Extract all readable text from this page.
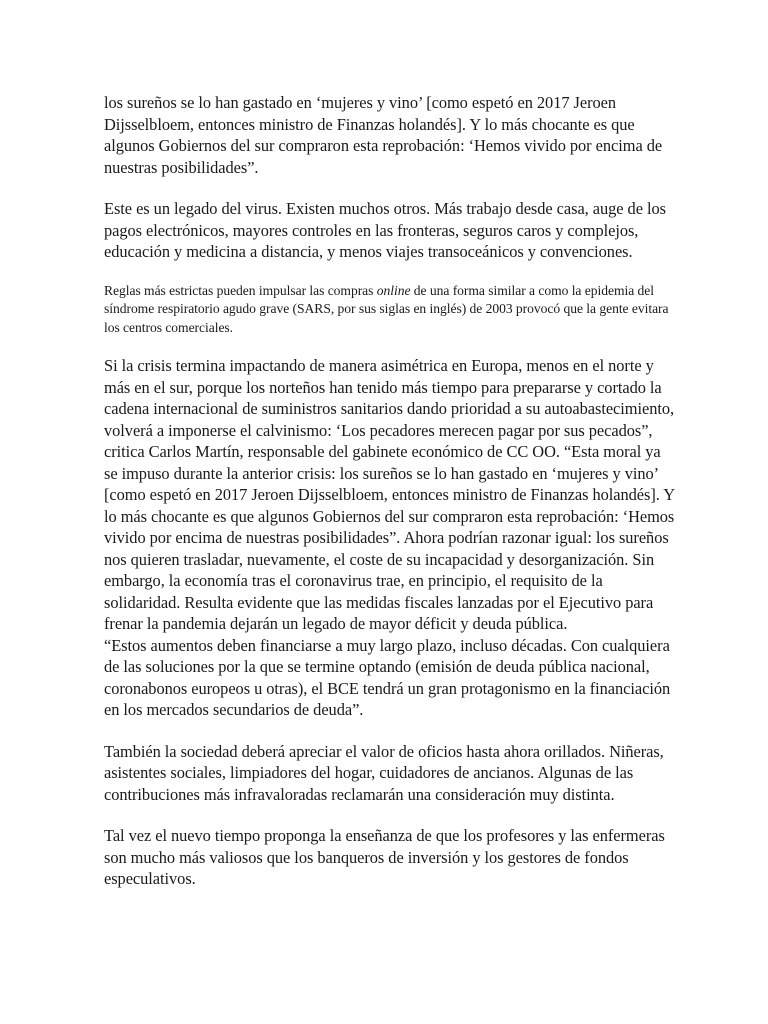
los sureños se lo han gastado en ‘mujeres y vino’ [como espetó en 2017 Jeroen Dijsselbloem, entonces ministro de Finanzas holandés]. Y lo más chocante es que algunos Gobiernos del sur compraron esta reprobación: ‘Hemos vivido por encima de nuestras posibilidades”.

Este es un legado del virus. Existen muchos otros. Más trabajo desde casa, auge de los pagos electrónicos, mayores controles en las fronteras, seguros caros y complejos, educación y medicina a distancia, y menos viajes transoceánicos y convenciones.

Reglas más estrictas pueden impulsar las compras online de una forma similar a como la epidemia del síndrome respiratorio agudo grave (SARS, por sus siglas en inglés) de 2003 provocó que la gente evitara los centros comerciales.

Si la crisis termina impactando de manera asimétrica en Europa, menos en el norte y más en el sur, porque los norteños han tenido más tiempo para prepararse y cortado la cadena internacional de suministros sanitarios dando prioridad a su autoabastecimiento, volverá a imponerse el calvinismo: ‘Los pecadores merecen pagar por sus pecados”, critica Carlos Martín, responsable del gabinete económico de CC OO. “Esta moral ya se impuso durante la anterior crisis: los sureños se lo han gastado en ‘mujeres y vino’ [como espetó en 2017 Jeroen Dijsselbloem, entonces ministro de Finanzas holandés]. Y lo más chocante es que algunos Gobiernos del sur compraron esta reprobación: ‘Hemos vivido por encima de nuestras posibilidades”. Ahora podrían razonar igual: los sureños nos quieren trasladar, nuevamente, el coste de su incapacidad y desorganización. Sin embargo, la economía tras el coronavirus trae, en principio, el requisito de la solidaridad. Resulta evidente que las medidas fiscales lanzadas por el Ejecutivo para frenar la pandemia dejarán un legado de mayor déficit y deuda pública.

“Estos aumentos deben financiarse a muy largo plazo, incluso décadas. Con cualquiera de las soluciones por la que se termine optando (emisión de deuda pública nacional, coronabonos europeos u otras), el BCE tendrá un gran protagonismo en la financiación en los mercados secundarios de deuda”.

También la sociedad deberá apreciar el valor de oficios hasta ahora orillados. Niñeras, asistentes sociales, limpiadores del hogar, cuidadores de ancianos. Algunas de las contribuciones más infravaloradas reclamarán una consideración muy distinta.

Tal vez el nuevo tiempo proponga la enseñanza de que los profesores y las enfermeras son mucho más valiosos que los banqueros de inversión y los gestores de fondos especulativos.
